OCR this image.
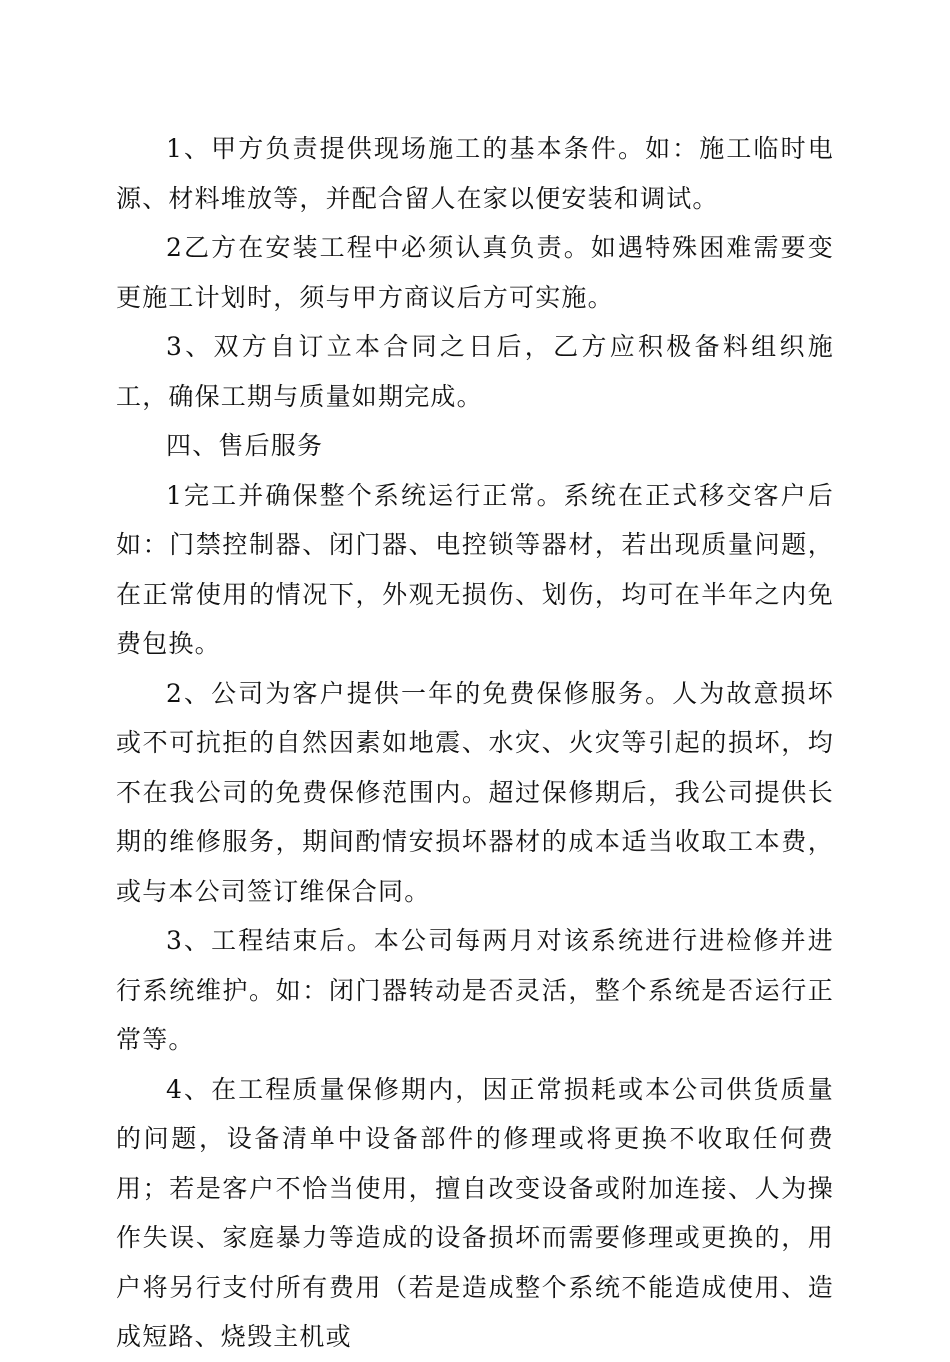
1、甲方负责提供现场施工的基本条件。如：施工临时电源、材料堆放等，并配合留人在家以便安装和调试。

2乙方在安装工程中必须认真负责。如遇特殊困难需要变更施工计划时，须与甲方商议后方可实施。

3、双方自订立本合同之日后，乙方应积极备料组织施工，确保工期与质量如期完成。

四、售后服务

1完工并确保整个系统运行正常。系统在正式移交客户后如：门禁控制器、闭门器、电控锁等器材，若出现质量问题，在正常使用的情况下，外观无损伤、划伤，均可在半年之内免费包换。

2、公司为客户提供一年的免费保修服务。人为故意损坏或不可抗拒的自然因素如地震、水灾、火灾等引起的损坏，均不在我公司的免费保修范围内。超过保修期后，我公司提供长期的维修服务，期间酌情安损坏器材的成本适当收取工本费，或与本公司签订维保合同。

3、工程结束后。本公司每两月对该系统进行进检修并进行系统维护。如：闭门器转动是否灵活，整个系统是否运行正常等。

4、在工程质量保修期内，因正常损耗或本公司供货质量的问题，设备清单中设备部件的修理或将更换不收取任何费用；若是客户不恰当使用，擅自改变设备或附加连接、人为操作失误、家庭暴力等造成的设备损坏而需要修理或更换的，用户将另行支付所有费用（若是造成整个系统不能造成使用、造成短路、烧毁主机或
